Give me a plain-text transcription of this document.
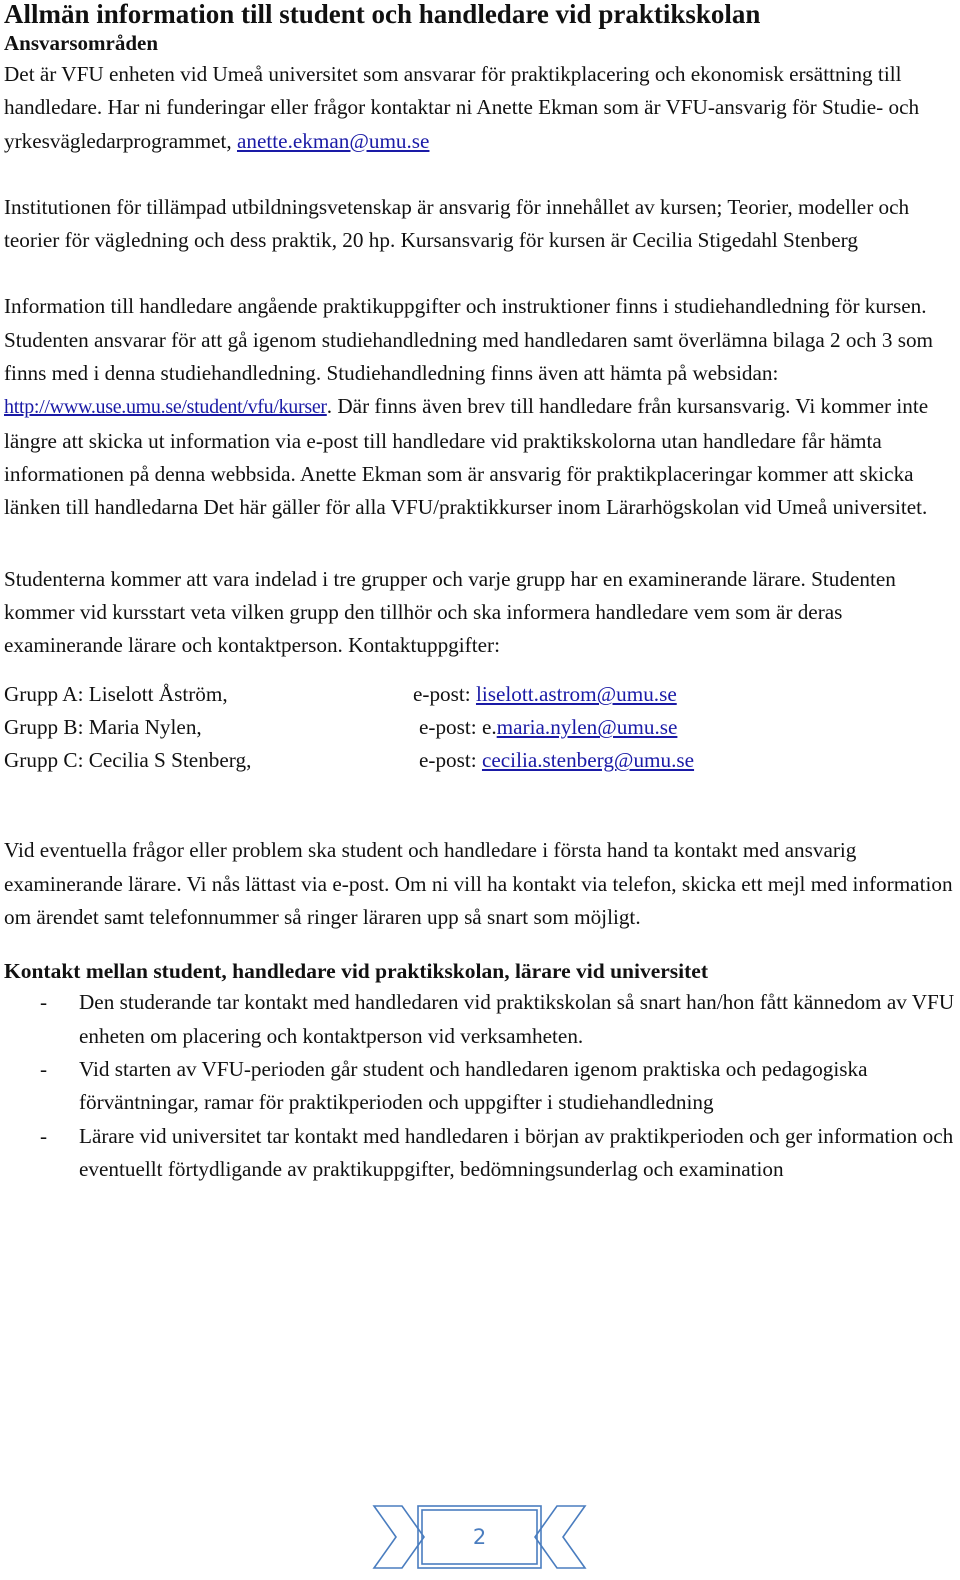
Allmän information till student och handledare vid praktikskolan
Ansvarsområden

Det är VFU enheten vid Umeå universitet som ansvarar för praktikplacering och ekonomisk ersättning till handledare. Har ni funderingar eller frågor kontaktar ni Anette Ekman som är VFU-ansvarig för Studie- och yrkesvägledarprogrammet, anette.ekman@umu.se

Institutionen för tillämpad utbildningsvetenskap är ansvarig för innehållet av kursen; Teorier, modeller och teorier för vägledning och dess praktik, 20 hp. Kursansvarig för kursen är Cecilia Stigedahl Stenberg

Information till handledare angående praktikuppgifter och instruktioner finns i studiehandledning för kursen. Studenten ansvarar för att gå igenom studiehandledning med handledaren samt överlämna bilaga 2 och 3 som finns med i denna studiehandledning. Studiehandledning finns även att hämta på websidan: http://www.use.umu.se/student/vfu/kurser. Där finns även brev till handledare från kursansvarig. Vi kommer inte längre att skicka ut information via e-post till handledare vid praktikskolorna utan handledare får hämta informationen på denna webbsida. Anette Ekman som är ansvarig för praktikplaceringar kommer att skicka länken till handledarna Det här gäller för alla VFU/praktikkurser inom Lärarhögskolan vid Umeå universitet.

Studenterna kommer att vara indelad i tre grupper och varje grupp har en examinerande lärare. Studenten kommer vid kursstart veta vilken grupp den tillhör och ska informera handledare vem som är deras examinerande lärare och kontaktperson. Kontaktuppgifter:

Grupp A: Liselott Åström,	e-post: liselott.astrom@umu.se
Grupp B: Maria Nylen,	e-post: e.maria.nylen@umu.se
Grupp C: Cecilia S Stenberg,	e-post: cecilia.stenberg@umu.se

Vid eventuella frågor eller problem ska student och handledare i första hand ta kontakt med ansvarig examinerande lärare. Vi nås lättast via e-post. Om ni vill ha kontakt via telefon, skicka ett mejl med information om ärendet samt telefonnummer så ringer läraren upp så snart som möjligt.

Kontakt mellan student, handledare vid praktikskolan, lärare vid universitet
- Den studerande tar kontakt med handledaren vid praktikskolan så snart han/hon fått kännedom av VFU enheten om placering och kontaktperson vid verksamheten.
- Vid starten av VFU-perioden går student och handledaren igenom praktiska och pedagogiska förväntningar, ramar för praktikperioden och uppgifter i studiehandledning
- Lärare vid universitet tar kontakt med handledaren i början av praktikperioden och ger information och eventuellt förtydligande av praktikuppgifter, bedömningsunderlag och examination
2
